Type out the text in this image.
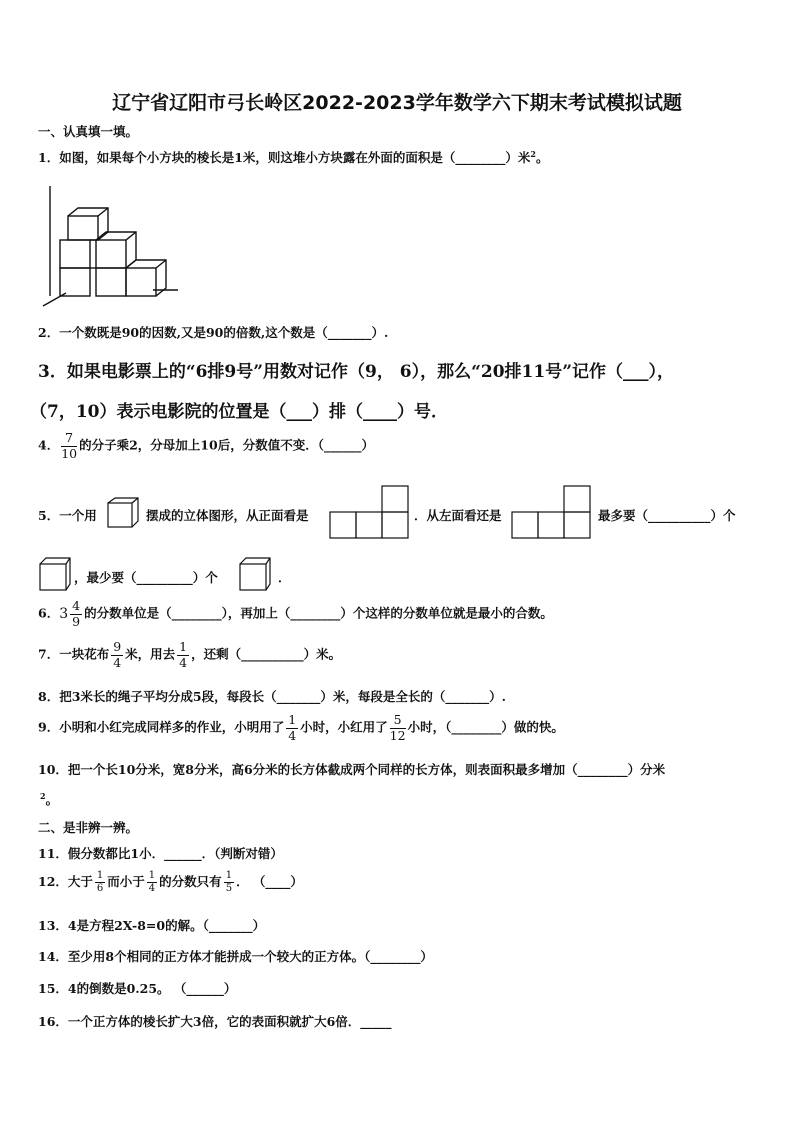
辽宁省辽阳市弓长岭区2022-2023学年数学六下期末考试模拟试题
一、认真填一填。
1．如图，如果每个小方块的棱长是1米，则这堆小方块露在外面的面积是（________）米$^2$。
2．一个数既是90的因数,又是90的倍数,这个数是（_______）.
3．如果电影票上的“6排9号”用数对记作（9， 6），那么“20排11号”记作（___），
（7，10）表示电影院的位置是（___）排（____）号．
4． $\frac{7}{10}$ 的分子乘2，分母加上10后，分数值不变．（______）
5．一个用	摆成的立体图形，从正面看是	．从左面看还是	最多要（__________）个
，最少要（_________）个	．
6．$3 \frac{4}{9}$ 的分数单位是（________），再加上（________）个这样的分数单位就是最小的合数。
7．一块花布 $\frac{9}{4}$ 米，用去 $\frac{1}{4}$ ，还剩（__________）米。
8．把3米长的绳子平均分成5段，每段长（_______）米，每段是全长的（_______）.
9．小明和小红完成同样多的作业，小明用了 $\frac{1}{4}$ 小时，小红用了 $\frac{5}{12}$ 小时，（________）做的快。
10．把一个长10分米，宽8分米，高6分米的长方体截成两个同样的长方体，则表面积最多增加（________）分米
$^2$。
二、是非辨一辨。
11．假分数都比1小．______．（判断对错）
12．大于 $\frac{1}{6}$ 而小于 $\frac{1}{4}$ 的分数只有 $\frac{1}{5}$ ． （____）
13．4是方程2X-8=0的解。（_______）
14．至少用8个相同的正方体才能拼成一个较大的正方体。（________）
15．4的倒数是0.25。 （______）
16．一个正方体的棱长扩大3倍，它的表面积就扩大6倍．_____
